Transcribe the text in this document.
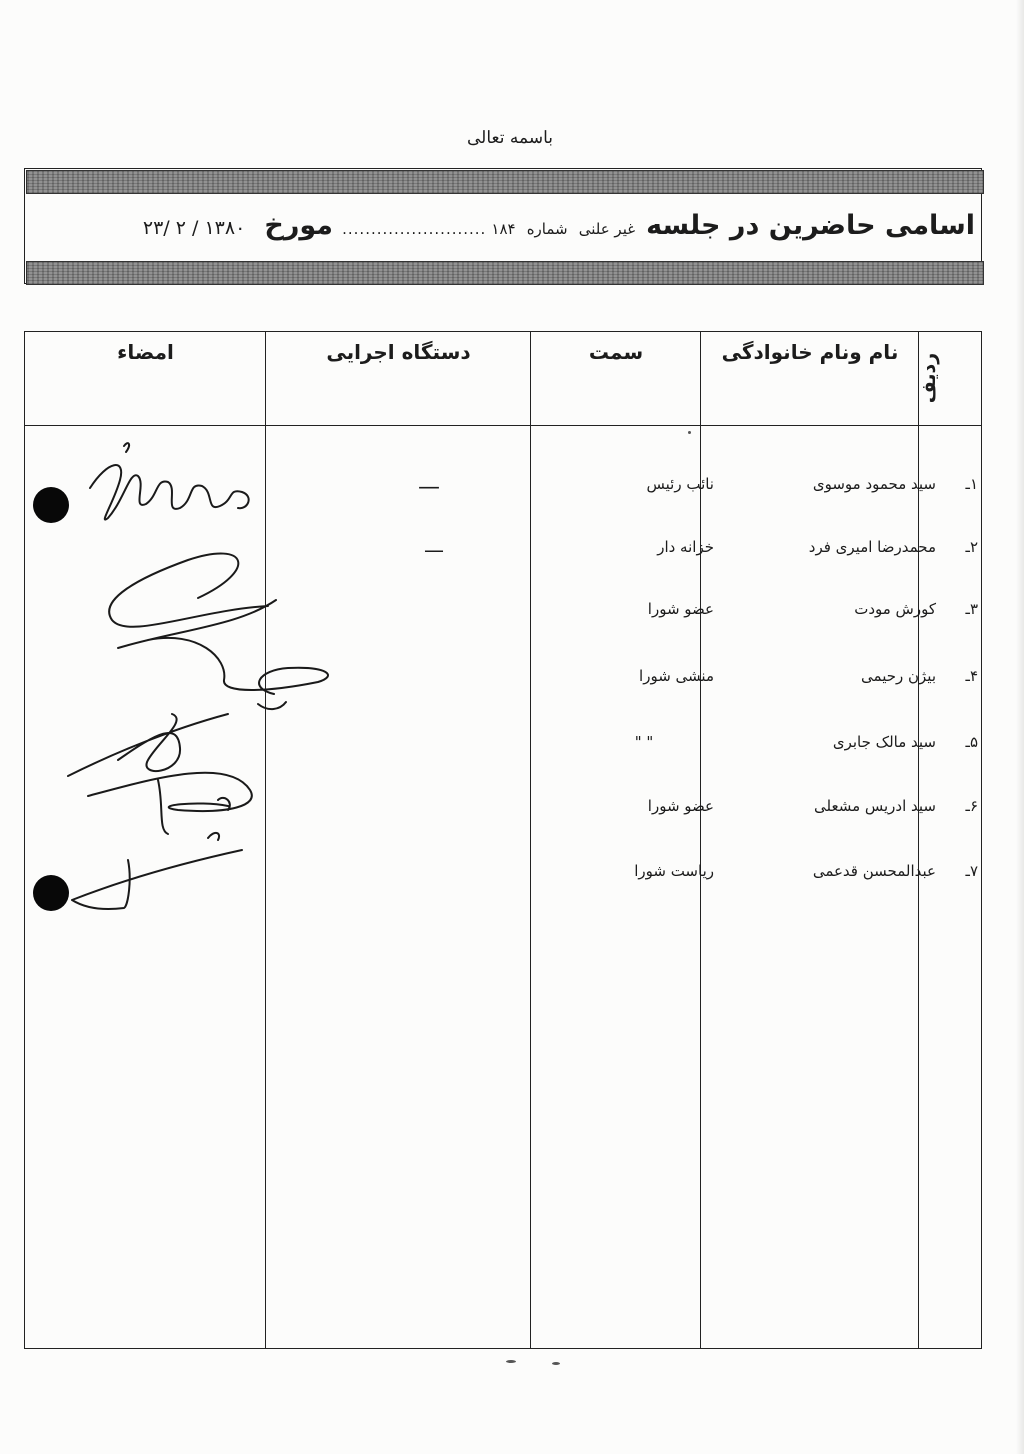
باسمه تعالی
اسامی حاضرین در جلسه غیر علنی شماره ۱۸۴ ......................... مورخ ۱۳۸۰ / ۲ /۲۳
ردیف
نام ونام خانوادگی
سمت
دستگاه اجرایی
امضاء
۱ـ
سید محمود موسوی
نائب رئیس
—
۲ـ
محمدرضا امیری فرد
خزانه دار
—
۳ـ
کورش مودت
عضو شورا
۴ـ
بیژن رحیمی
منشی شورا
۵ـ
سید مالک جابری
" "
۶ـ
سید ادریس مشعلی
عضو شورا
۷ـ
عبدالمحسن قدعمی
ریاست شورا
